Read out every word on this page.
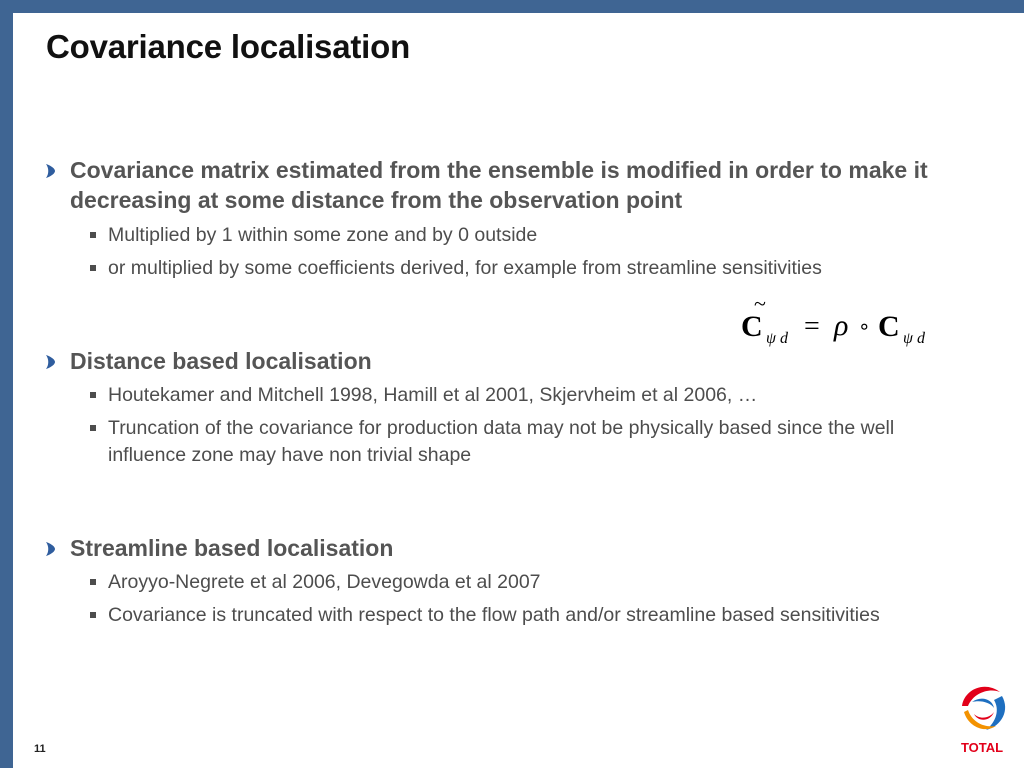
Covariance localisation
Covariance matrix estimated from the ensemble is modified in order to make it decreasing at some distance from the observation point
Multiplied by 1 within some zone and by 0 outside
or multiplied by some coefficients derived, for example from streamline sensitivities
~
C ψ d = ρ ∘ C ψ d
Distance based localisation
Houtekamer and Mitchell 1998, Hamill et al 2001, Skjervheim et al 2006, …
Truncation of the covariance for production data may not be physically based since the well influence zone may have non trivial shape
Streamline based localisation
Aroyyo-Negrete et al 2006, Devegowda et al 2007
Covariance is truncated with respect to the flow path and/or streamline based sensitivities
11	TOTAL
